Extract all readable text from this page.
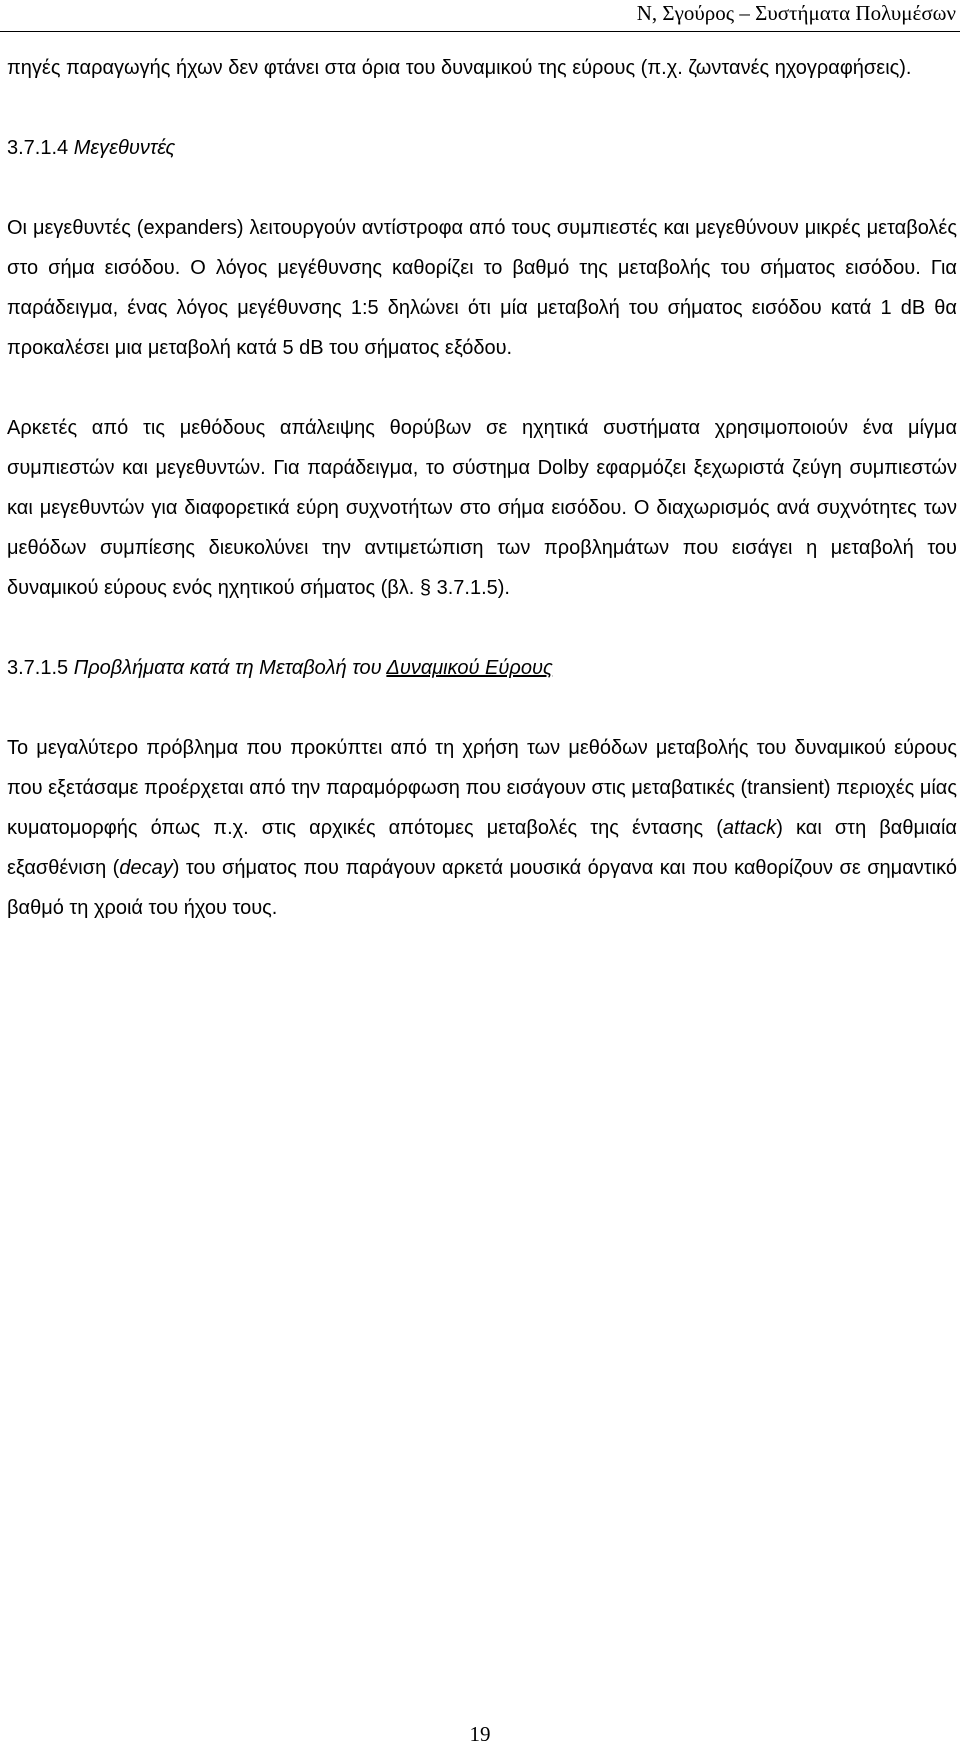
Ν, Σγούρος – Συστήματα Πολυμέσων

πηγές παραγωγής ήχων δεν φτάνει στα όρια του δυναμικού της εύρους (π.χ. ζωντανές ηχογραφήσεις).

3.7.1.4 Μεγεθυντές

Οι μεγεθυντές (expanders) λειτουργούν αντίστροφα από τους συμπιεστές και μεγεθύνουν μικρές μεταβολές στο σήμα εισόδου. Ο λόγος μεγέθυνσης καθορίζει το βαθμό της μεταβολής του σήματος εισόδου. Για παράδειγμα, ένας λόγος μεγέθυνσης 1:5 δηλώνει ότι μία μεταβολή του σήματος εισόδου κατά 1 dB θα προκαλέσει μια μεταβολή κατά 5 dB του σήματος εξόδου.

Αρκετές από τις μεθόδους απάλειψης θορύβων σε ηχητικά συστήματα χρησιμοποιούν ένα μίγμα συμπιεστών και μεγεθυντών. Για παράδειγμα, το σύστημα Dolby εφαρμόζει ξεχωριστά ζεύγη συμπιεστών και μεγεθυντών για διαφορετικά εύρη συχνοτήτων στο σήμα εισόδου. Ο διαχωρισμός ανά συχνότητες των μεθόδων συμπίεσης διευκολύνει την αντιμετώπιση των προβλημάτων που εισάγει η μεταβολή του δυναμικού εύρους ενός ηχητικού σήματος (βλ. § 3.7.1.5).

3.7.1.5 Προβλήματα κατά τη Μεταβολή του Δυναμικού Εύρους

Το μεγαλύτερο πρόβλημα που προκύπτει από τη χρήση των μεθόδων μεταβολής του δυναμικού εύρους που εξετάσαμε προέρχεται από την παραμόρφωση που εισάγουν στις μεταβατικές (transient) περιοχές μίας κυματομορφής όπως π.χ. στις αρχικές απότομες μεταβολές της έντασης (attack) και στη βαθμιαία εξασθένιση (decay) του σήματος που παράγουν αρκετά μουσικά όργανα και που καθορίζουν σε σημαντικό βαθμό τη χροιά του ήχου τους.

19
